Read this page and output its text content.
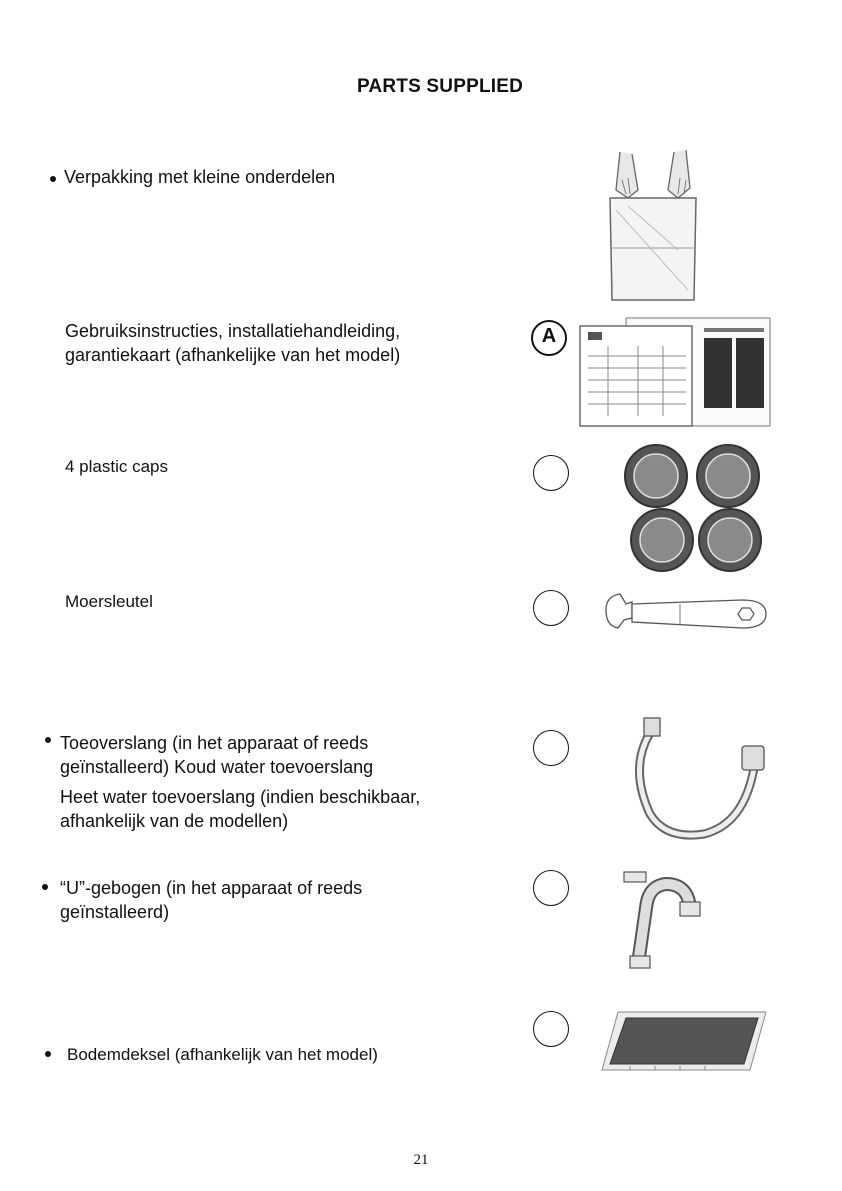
PARTS SUPPLIED
Verpakking met kleine onderdelen
Gebruiksinstructies, installatiehandleiding,
garantiekaart (afhankelijke van het model)
A
4 plastic caps
Moersleutel
Toeoverslang (in het apparaat of reeds
geïnstalleerd) Koud water toevoerslang
Heet water toevoerslang (indien beschikbaar,
afhankelijk van de modellen)
“U”-gebogen (in het apparaat of reeds
geïnstalleerd)
Bodemdeksel (afhankelijk van het model)
21
